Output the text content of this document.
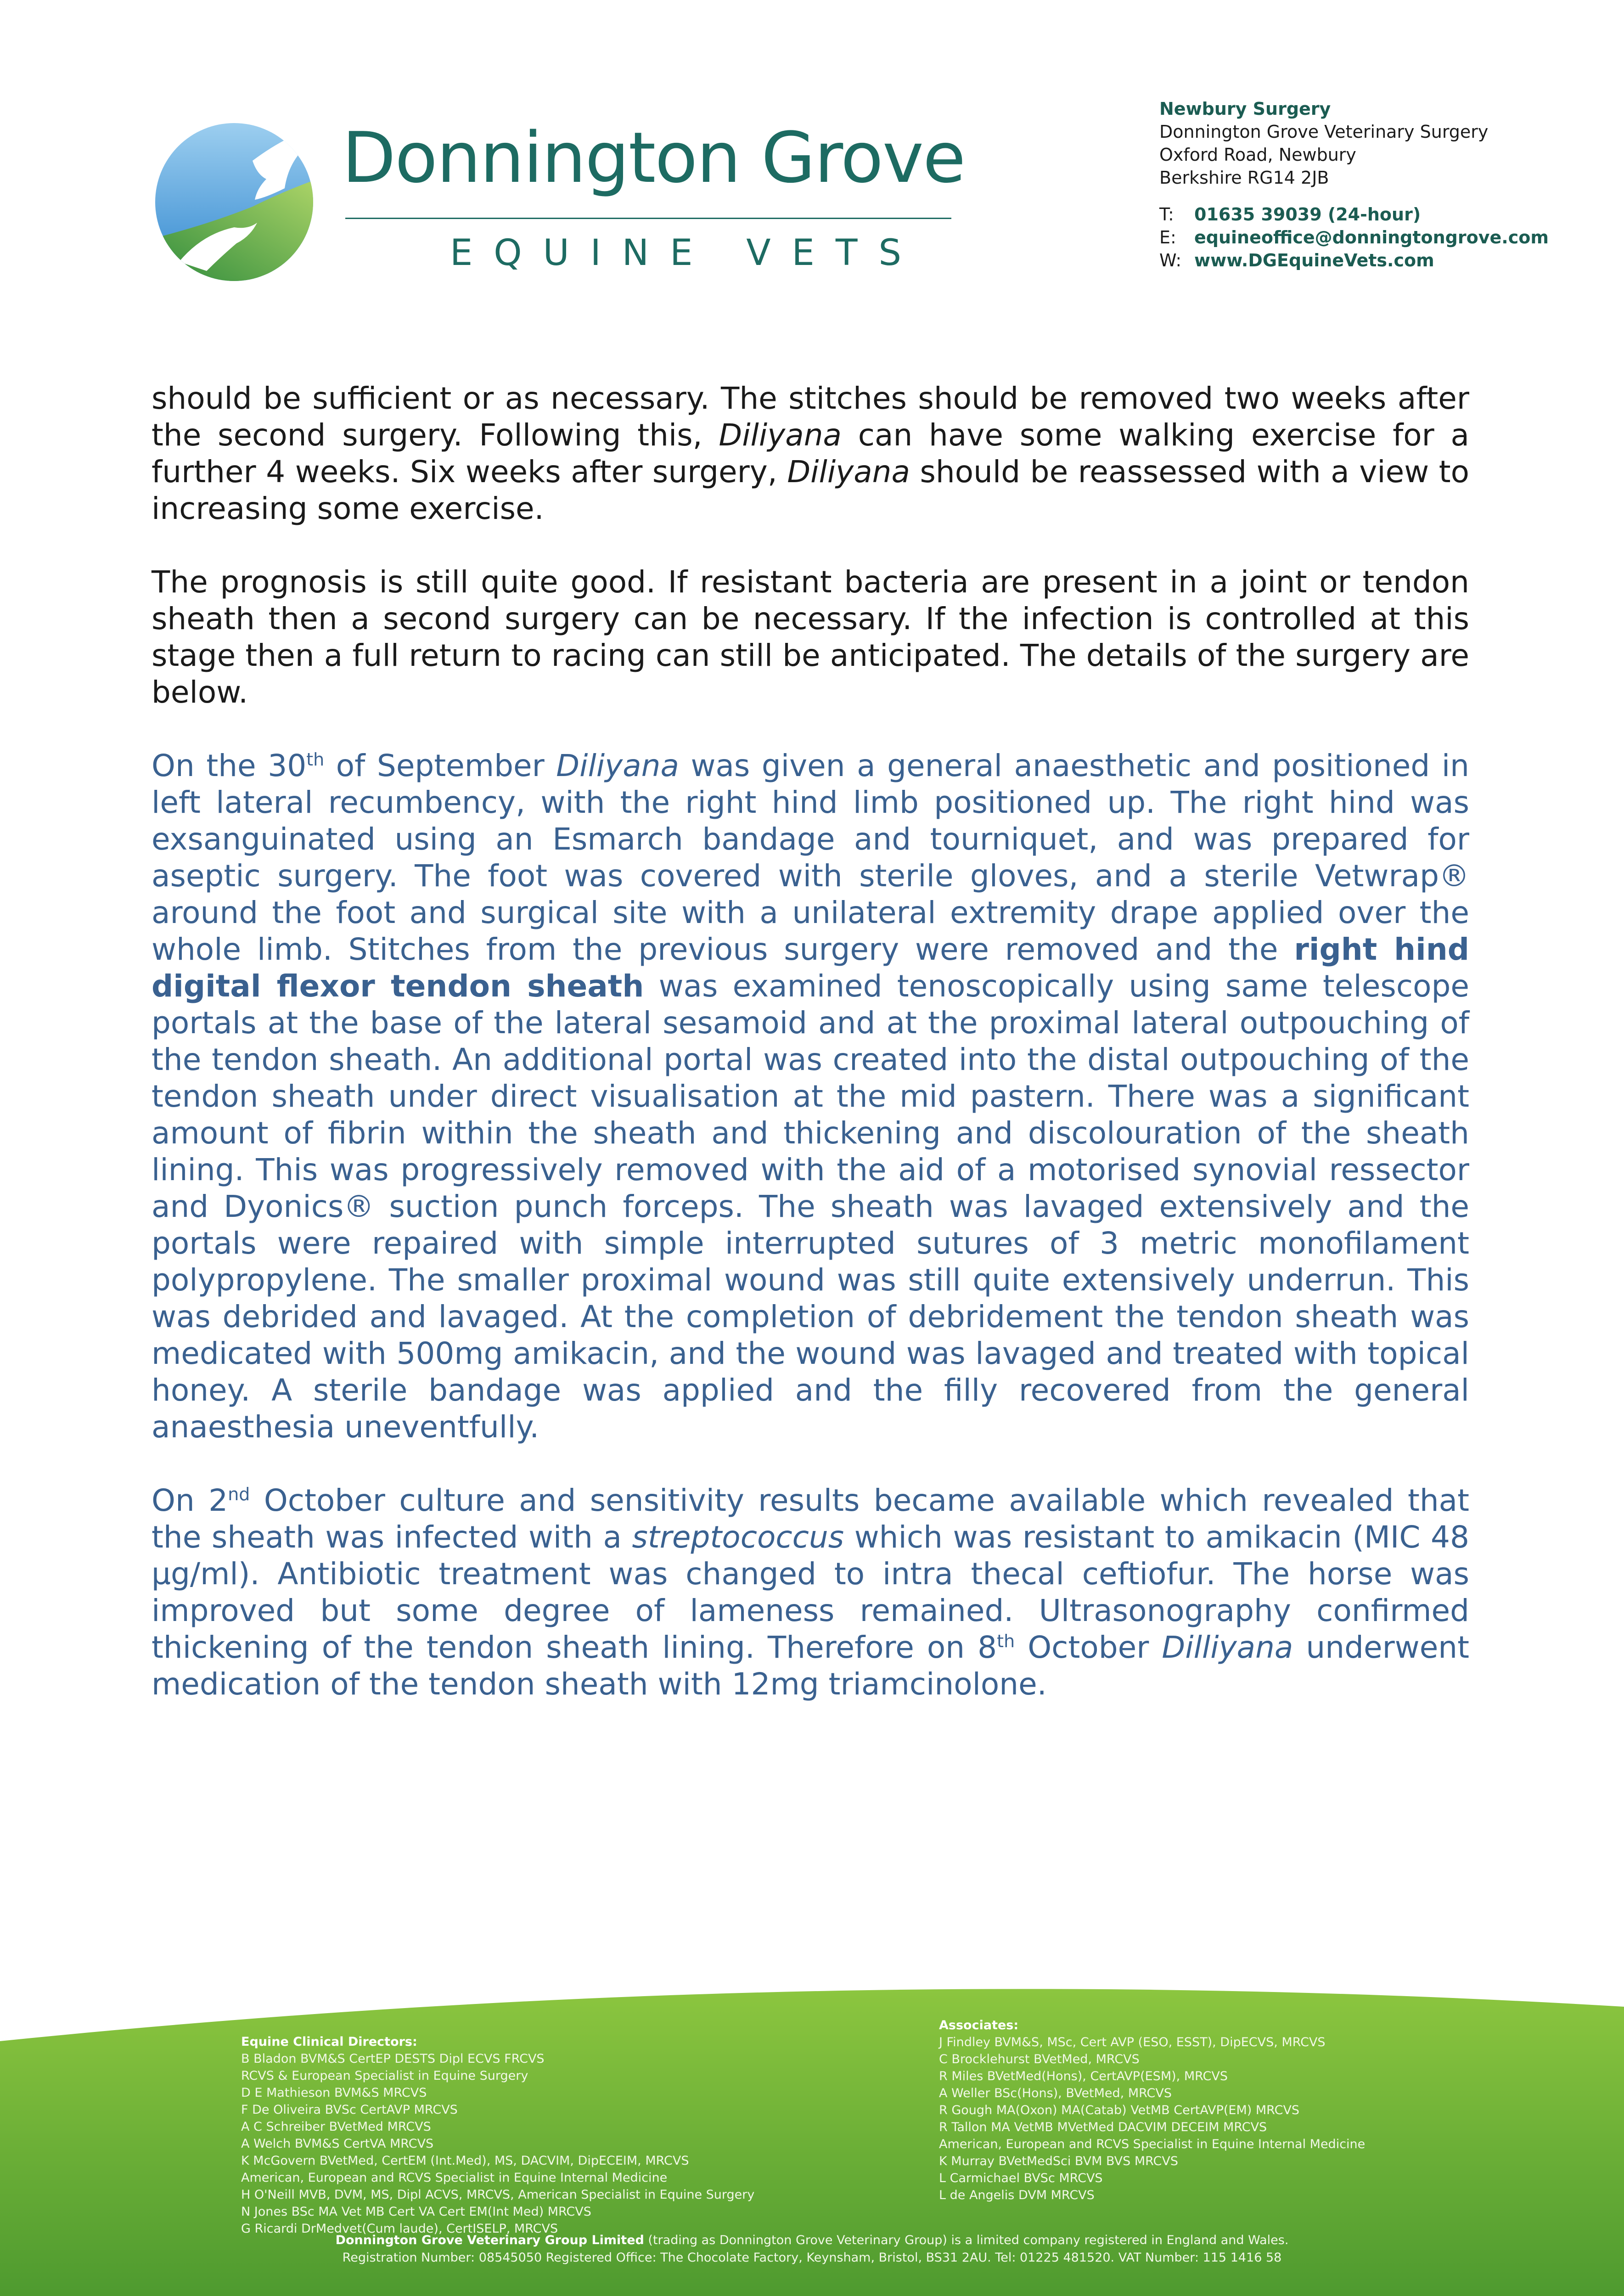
Donnington Grove
EQUINE VETS
Newbury Surgery
Donnington Grove Veterinary Surgery
Oxford Road, Newbury
Berkshire RG14 2JB
T: 01635 39039 (24-hour)
E: equineoffice@donningtongrove.com
W: www.DGEquineVets.com

should be sufficient or as necessary. The stitches should be removed two weeks after the second surgery. Following this, Diliyana can have some walking exercise for a further 4 weeks. Six weeks after surgery, Diliyana should be reassessed with a view to increasing some exercise.

The prognosis is still quite good. If resistant bacteria are present in a joint or tendon sheath then a second surgery can be necessary. If the infection is controlled at this stage then a full return to racing can still be anticipated. The details of the surgery are below.

On the 30th of September Diliyana was given a general anaesthetic and positioned in left lateral recumbency, with the right hind limb positioned up. The right hind was exsanguinated using an Esmarch bandage and tourniquet, and was prepared for aseptic surgery. The foot was covered with sterile gloves, and a sterile Vetwrap® around the foot and surgical site with a unilateral extremity drape applied over the whole limb. Stitches from the previous surgery were removed and the right hind digital flexor tendon sheath was examined tenoscopically using same telescope portals at the base of the lateral sesamoid and at the proximal lateral outpouching of the tendon sheath. An additional portal was created into the distal outpouching of the tendon sheath under direct visualisation at the mid pastern. There was a significant amount of fibrin within the sheath and thickening and discolouration of the sheath lining. This was progressively removed with the aid of a motorised synovial ressector and Dyonics® suction punch forceps. The sheath was lavaged extensively and the portals were repaired with simple interrupted sutures of 3 metric monofilament polypropylene. The smaller proximal wound was still quite extensively underrun. This was debrided and lavaged. At the completion of debridement the tendon sheath was medicated with 500mg amikacin, and the wound was lavaged and treated with topical honey. A sterile bandage was applied and the filly recovered from the general anaesthesia uneventfully.

On 2nd October culture and sensitivity results became available which revealed that the sheath was infected with a streptococcus which was resistant to amikacin (MIC 48 µg/ml). Antibiotic treatment was changed to intra thecal ceftiofur. The horse was improved but some degree of lameness remained. Ultrasonography confirmed thickening of the tendon sheath lining. Therefore on 8th October Dilliyana underwent medication of the tendon sheath with 12mg triamcinolone.

Equine Clinical Directors:
B Bladon BVM&S CertEP DESTS Dipl ECVS FRCVS
RCVS & European Specialist in Equine Surgery
D E Mathieson BVM&S MRCVS
F De Oliveira BVSc CertAVP MRCVS
A C Schreiber BVetMed MRCVS
A Welch BVM&S CertVA MRCVS
K McGovern BVetMed, CertEM (Int.Med), MS, DACVIM, DipECEIM, MRCVS
American, European and RCVS Specialist in Equine Internal Medicine
H O'Neill MVB, DVM, MS, Dipl ACVS, MRCVS, American Specialist in Equine Surgery
N Jones BSc MA Vet MB Cert VA Cert EM(Int Med) MRCVS
G Ricardi DrMedvet(Cum laude), CertISELP, MRCVS
Associates:
J Findley BVM&S, MSc, Cert AVP (ESO, ESST), DipECVS, MRCVS
C Brocklehurst BVetMed, MRCVS
R Miles BVetMed(Hons), CertAVP(ESM), MRCVS
A Weller BSc(Hons), BVetMed, MRCVS
R Gough MA(Oxon) MA(Catab) VetMB CertAVP(EM) MRCVS
R Tallon MA VetMB MVetMed DACVIM DECEIM MRCVS
American, European and RCVS Specialist in Equine Internal Medicine
K Murray BVetMedSci BVM BVS MRCVS
L Carmichael BVSc MRCVS
L de Angelis DVM MRCVS
Donnington Grove Veterinary Group Limited (trading as Donnington Grove Veterinary Group) is a limited company registered in England and Wales.
Registration Number: 08545050 Registered Office: The Chocolate Factory, Keynsham, Bristol, BS31 2AU. Tel: 01225 481520. VAT Number: 115 1416 58
